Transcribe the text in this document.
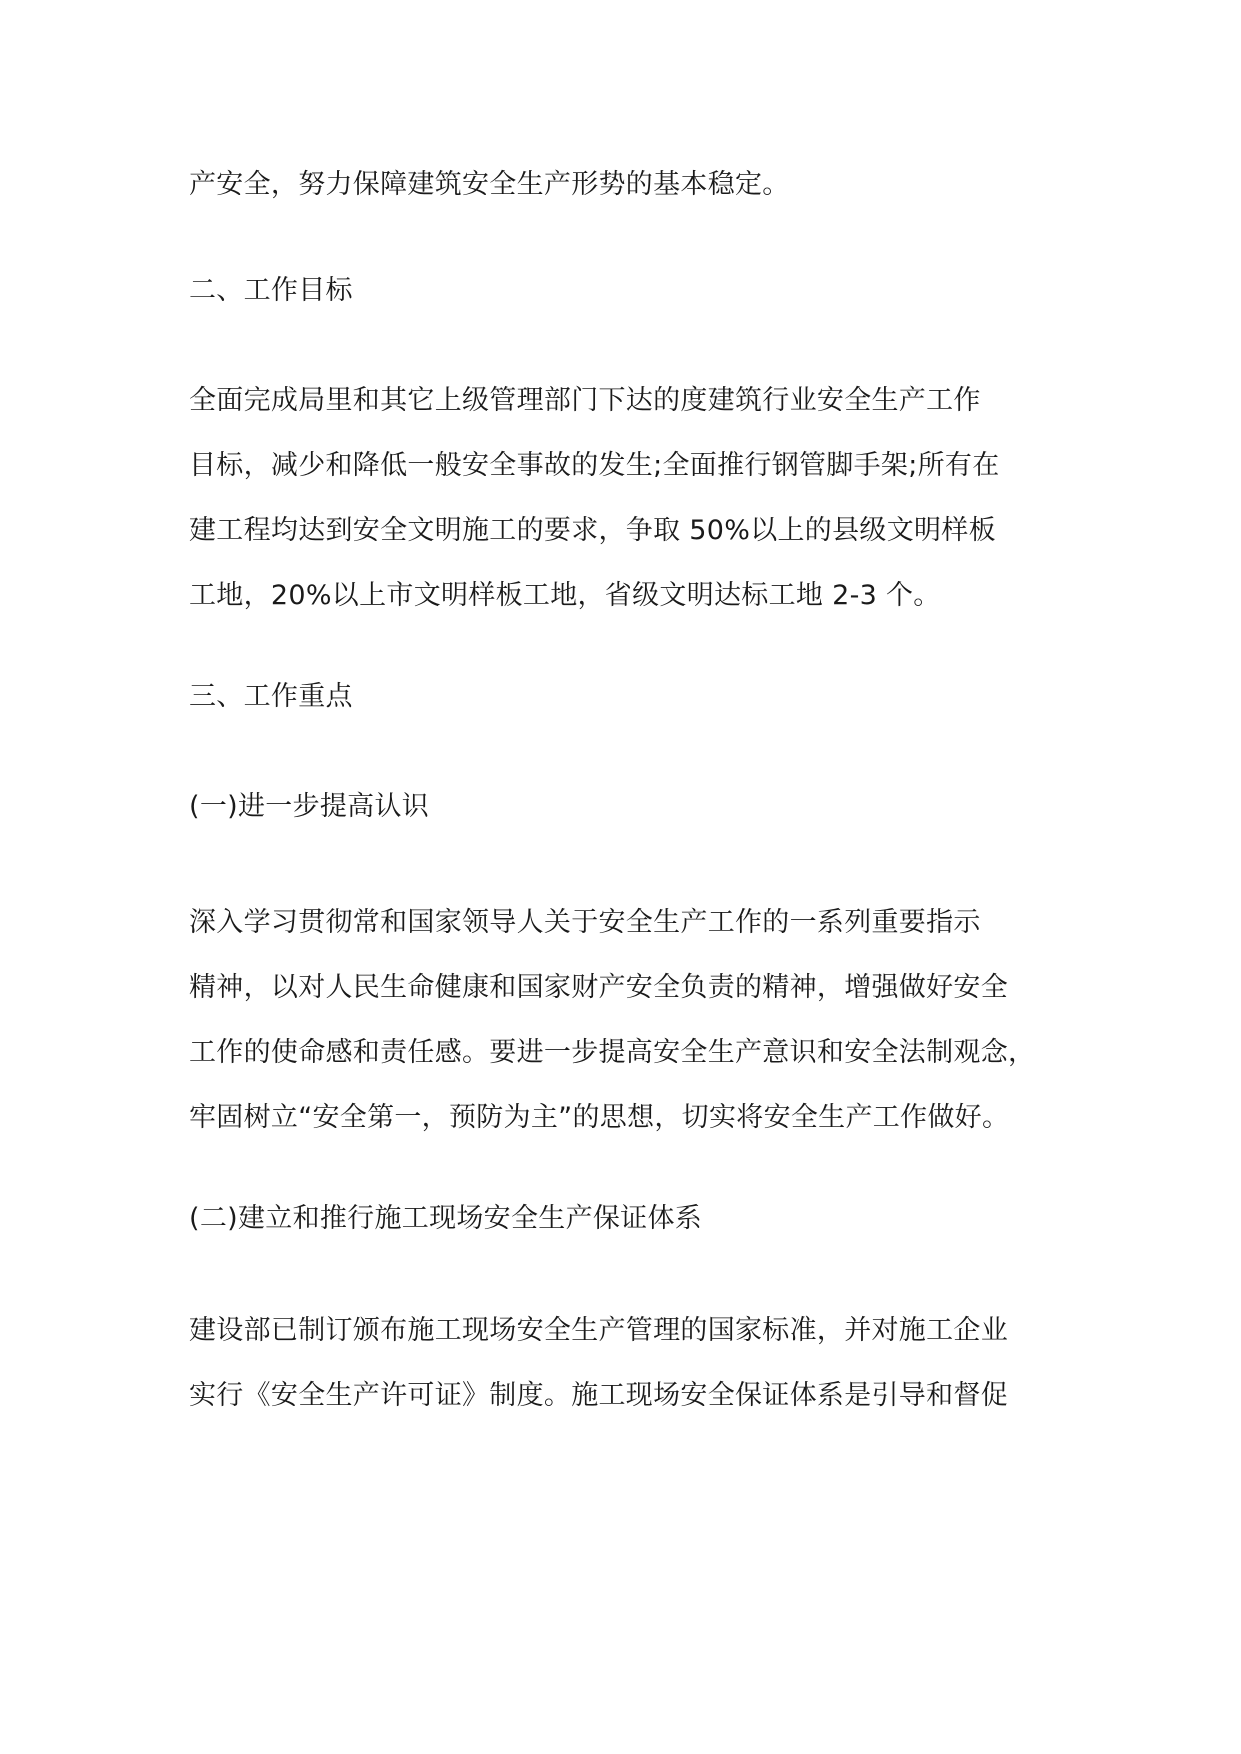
产安全，努力保障建筑安全生产形势的基本稳定。
二、工作目标
全面完成局里和其它上级管理部门下达的度建筑行业安全生产工作
目标，减少和降低一般安全事故的发生;全面推行钢管脚手架;所有在
建工程均达到安全文明施工的要求，争取 50%以上的县级文明样板
工地，20%以上市文明样板工地，省级文明达标工地 2-3 个。
三、工作重点
(一)进一步提高认识
深入学习贯彻常和国家领导人关于安全生产工作的一系列重要指示
精神，以对人民生命健康和国家财产安全负责的精神，增强做好安全
工作的使命感和责任感。要进一步提高安全生产意识和安全法制观念，
牢固树立“安全第一，预防为主”的思想，切实将安全生产工作做好。
(二)建立和推行施工现场安全生产保证体系
建设部已制订颁布施工现场安全生产管理的国家标准，并对施工企业
实行《安全生产许可证》制度。施工现场安全保证体系是引导和督促
